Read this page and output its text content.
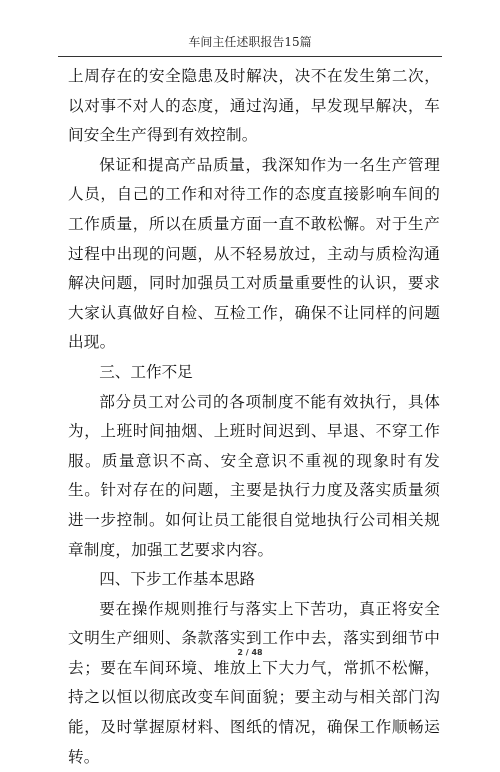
车间主任述职报告15篇

上周存在的安全隐患及时解决，决不在发生第二次，以对事不对人的态度，通过沟通，早发现早解决，车间安全生产得到有效控制。

保证和提高产品质量，我深知作为一名生产管理人员，自己的工作和对待工作的态度直接影响车间的工作质量，所以在质量方面一直不敢松懈。对于生产过程中出现的问题，从不轻易放过，主动与质检沟通解决问题，同时加强员工对质量重要性的认识，要求大家认真做好自检、互检工作，确保不让同样的问题出现。

三、工作不足

部分员工对公司的各项制度不能有效执行，具体为，上班时间抽烟、上班时间迟到、早退、不穿工作服。质量意识不高、安全意识不重视的现象时有发生。针对存在的问题，主要是执行力度及落实质量须进一步控制。如何让员工能很自觉地执行公司相关规章制度，加强工艺要求内容。

四、下步工作基本思路

要在操作规则推行与落实上下苦功，真正将安全文明生产细则、条款落实到工作中去，落实到细节中去；要在车间环境、堆放上下大力气，常抓不松懈，持之以恒以彻底改变车间面貌；要主动与相关部门沟能，及时掌握原材料、图纸的情况，确保工作顺畅运转。

2 / 48
